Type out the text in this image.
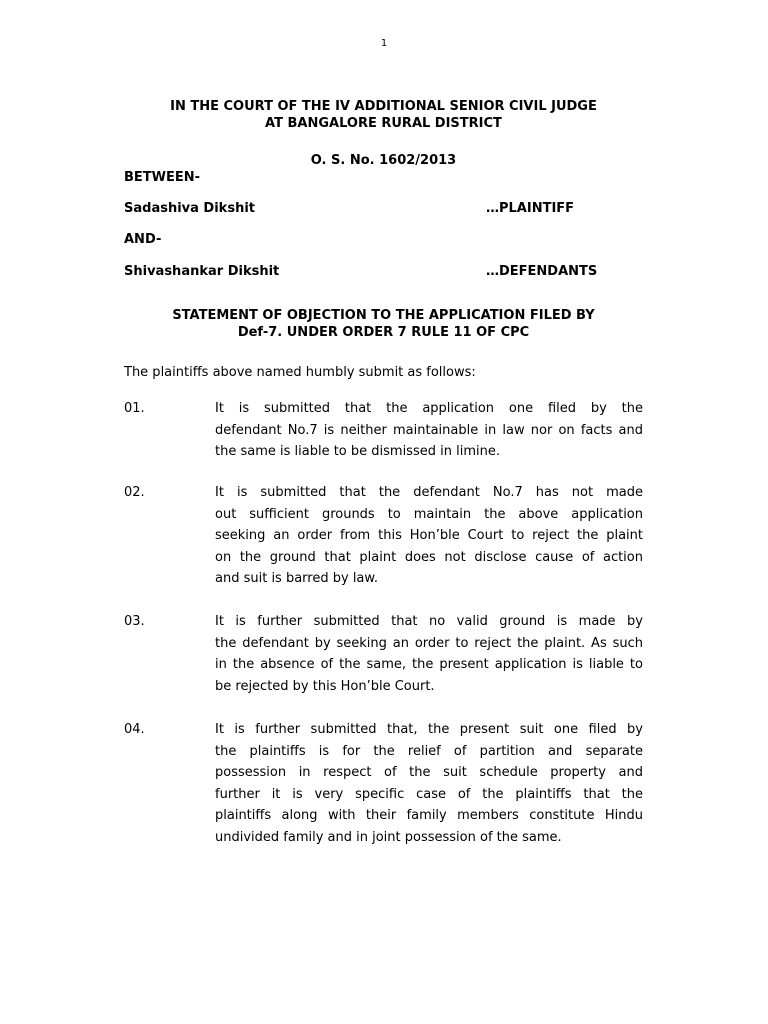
1
IN THE COURT OF THE IV ADDITIONAL SENIOR CIVIL JUDGE
AT BANGALORE RURAL DISTRICT
O. S. No. 1602/2013
BETWEEN-
Sadashiva Dikshit	…PLAINTIFF
AND-
Shivashankar Dikshit	…DEFENDANTS
STATEMENT OF OBJECTION TO THE APPLICATION FILED BY
Def-7. UNDER ORDER 7 RULE 11 OF CPC
The plaintiffs above named humbly submit as follows:
01.	It is submitted that the application one filed by the
defendant No.7 is neither maintainable in law nor on facts and
the same is liable to be dismissed in limine.
02.	It is submitted that the defendant No.7 has not made
out sufficient grounds to maintain the above application
seeking an order from this Hon’ble Court to reject the plaint
on the ground that plaint does not disclose cause of action
and suit is barred by law.
03.	It is further submitted that no valid ground is made by
the defendant by seeking an order to reject the plaint. As such
in the absence of the same, the present application is liable to
be rejected by this Hon’ble Court.
04.	It is further submitted that, the present suit one filed by
the plaintiffs is for the relief of partition and separate
possession in respect of the suit schedule property and
further it is very specific case of the plaintiffs that the
plaintiffs along with their family members constitute Hindu
undivided family and in joint possession of the same.
